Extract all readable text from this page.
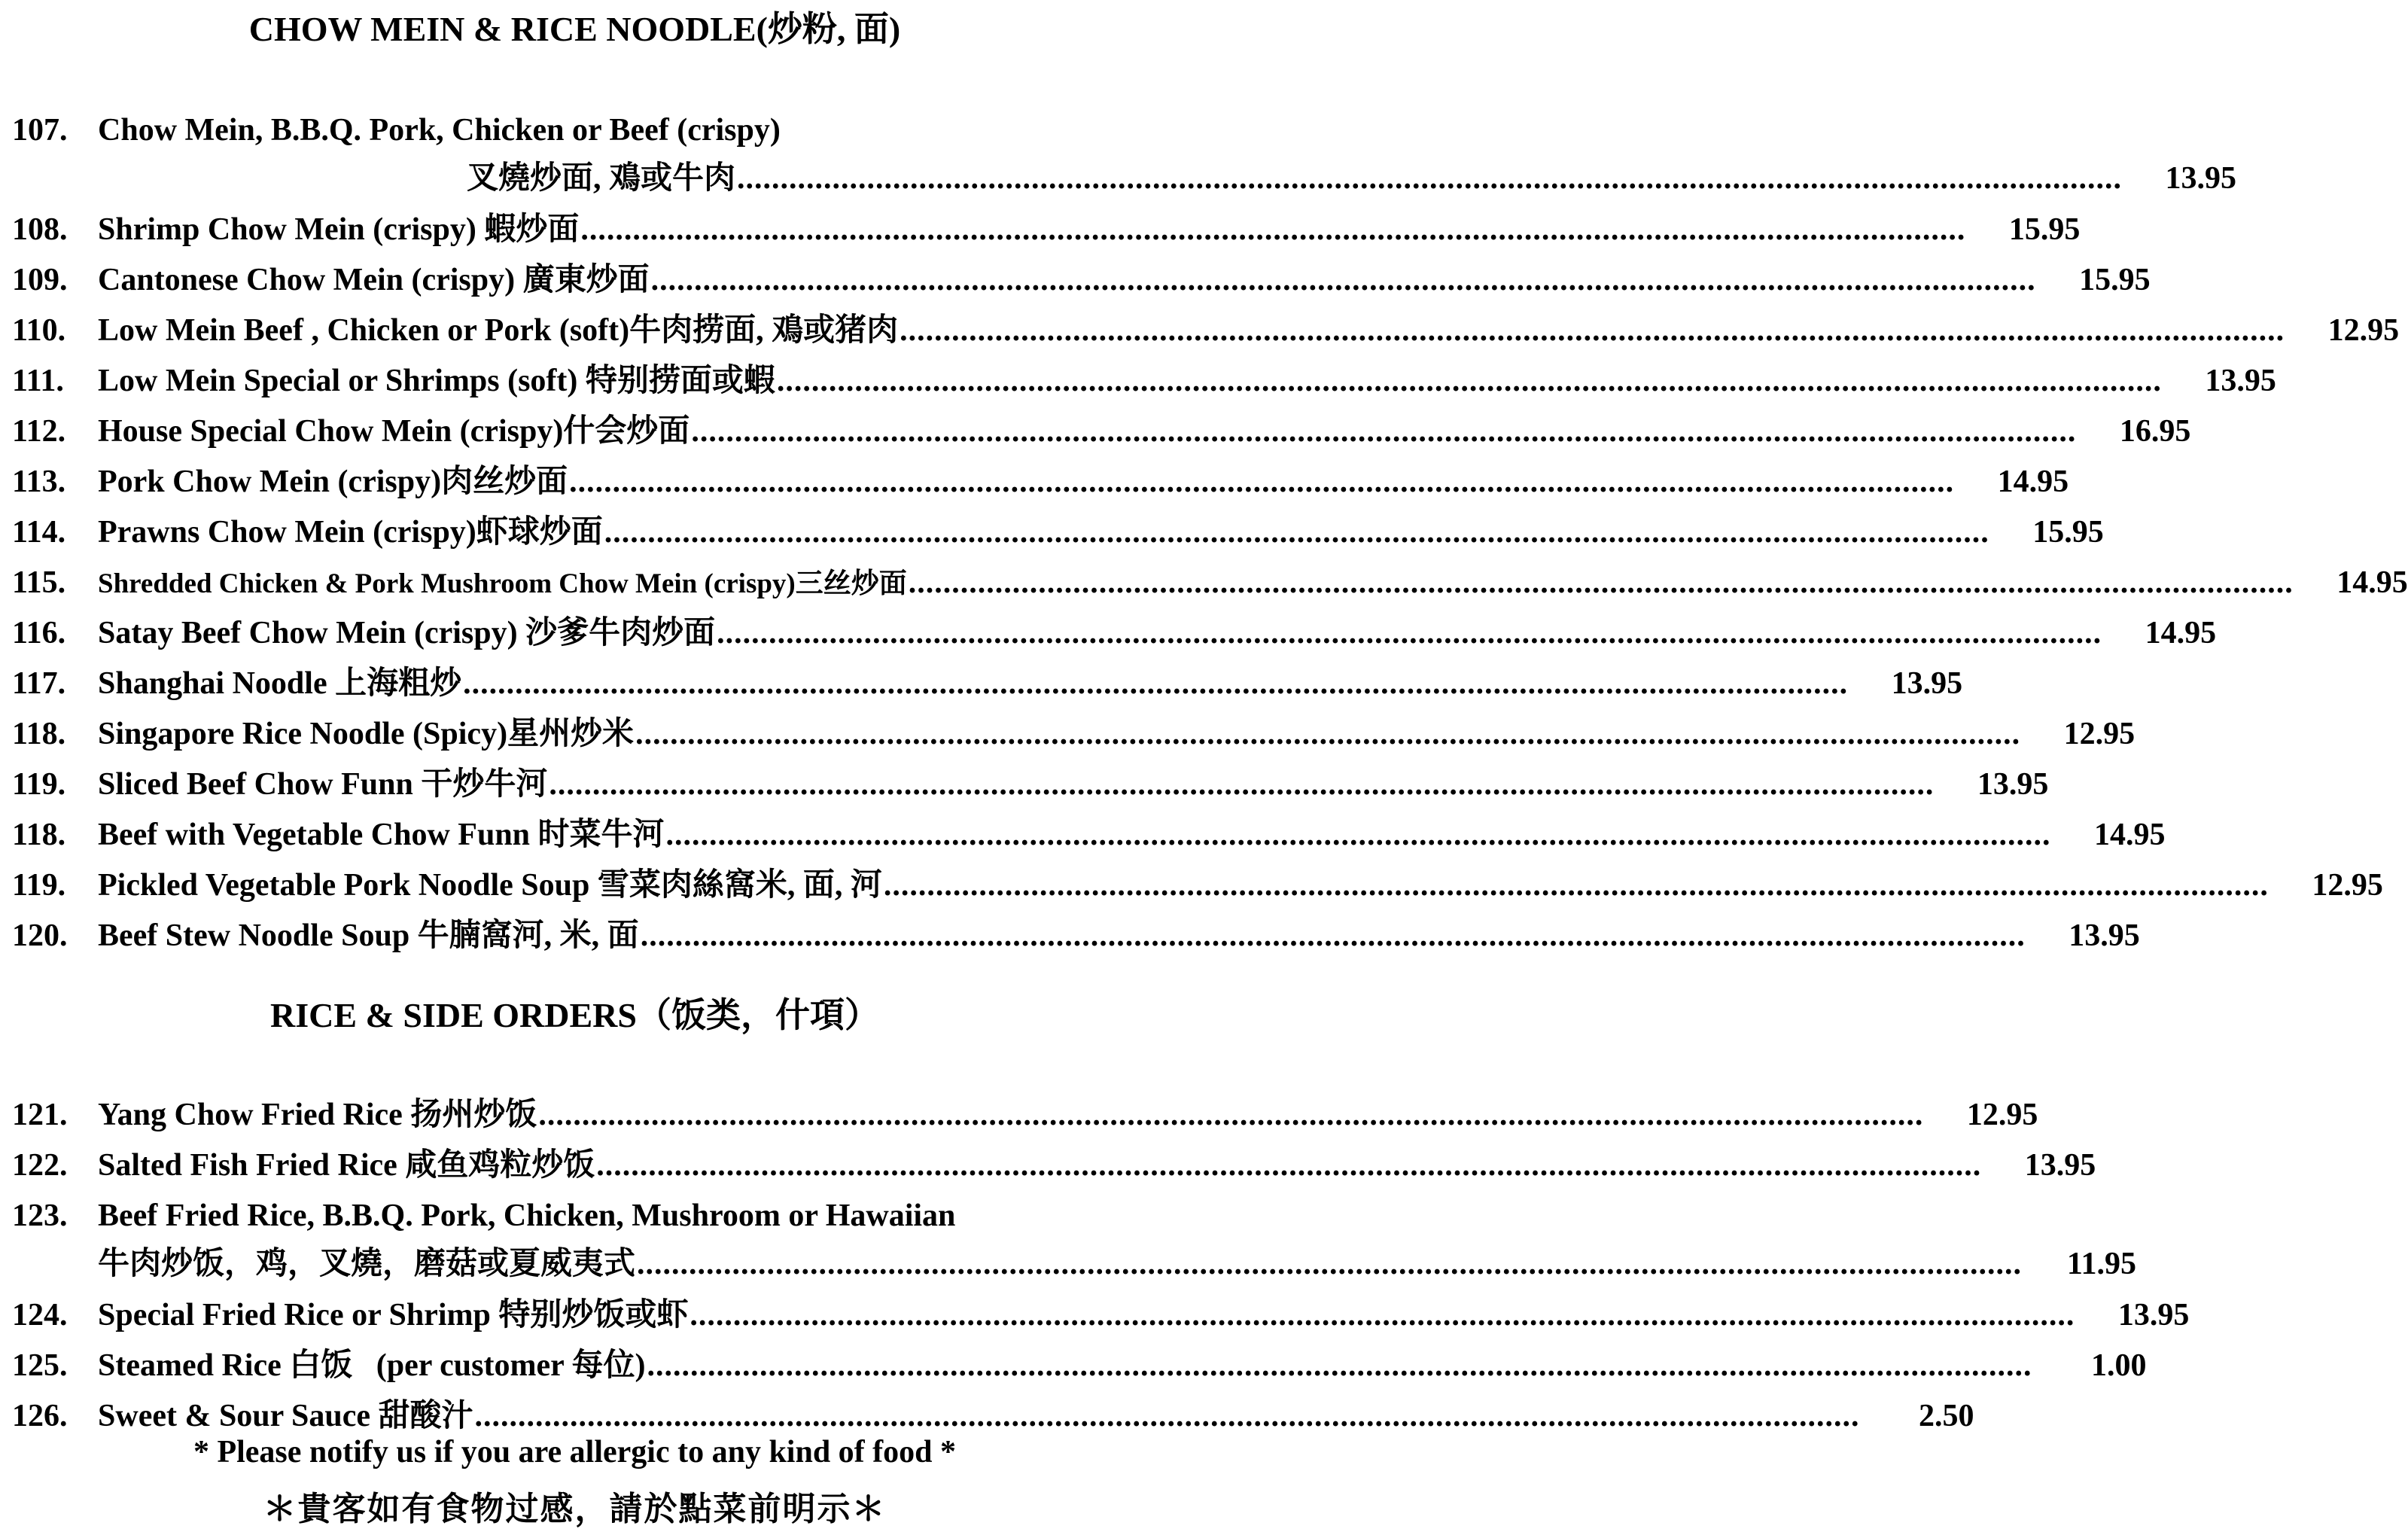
CHOW MEIN & RICE NOODLE(炒粉, 面)
107. Chow Mein, B.B.Q. Pork, Chicken or Beef (crispy)
叉燒炒面, 鳮或牛肉 ................................................................................................................................................................	13.95
108. Shrimp Chow Mein (crispy) 蝦炒面 ................................................................................................................................................................	15.95
109. Cantonese Chow Mein (crispy) 廣東炒面 ................................................................................................................................................................	15.95
110. Low Mein Beef , Chicken or Pork (soft)牛肉捞面, 鳮或猪肉 ................................................................................................................................................................	12.95
111. Low Mein Special or Shrimps (soft) 特别捞面或蝦 ................................................................................................................................................................	13.95
112. House Special Chow Mein (crispy)什会炒面 ................................................................................................................................................................	16.95
113. Pork Chow Mein (crispy)肉丝炒面 ................................................................................................................................................................	14.95
114. Prawns Chow Mein (crispy)虾球炒面 ................................................................................................................................................................	15.95
115. Shredded Chicken & Pork Mushroom Chow Mein (crispy)三丝炒面 ................................................................................................................................................................	14.95
116. Satay Beef Chow Mein (crispy) 沙爹牛肉炒面 ................................................................................................................................................................	14.95
117. Shanghai Noodle 上海粗炒 ................................................................................................................................................................	13.95
118. Singapore Rice Noodle (Spicy)星州炒米 ................................................................................................................................................................	12.95
119. Sliced Beef Chow Funn 干炒牛河 ................................................................................................................................................................	13.95
118. Beef with Vegetable Chow Funn 时菜牛河 ................................................................................................................................................................	14.95
119. Pickled Vegetable Pork Noodle Soup 雪菜肉絲窩米, 面, 河 ................................................................................................................................................................	12.95
120. Beef Stew Noodle Soup 牛腩窩河, 米, 面 ................................................................................................................................................................	13.95
RICE & SIDE ORDERS（饭类，什項）
121. Yang Chow Fried Rice 扬州炒饭 ................................................................................................................................................................	12.95
122. Salted Fish Fried Rice 咸鱼鸡粒炒饭 ................................................................................................................................................................	13.95
123. Beef Fried Rice, B.B.Q. Pork, Chicken, Mushroom or Hawaiian
牛肉炒饭，鸡，叉燒，磨菇或夏威夷式 ................................................................................................................................................................	11.95
124. Special Fried Rice or Shrimp 特别炒饭或虾 ................................................................................................................................................................	13.95
125. Steamed Rice 白饭   (per customer 每位) ................................................................................................................................................................	1.00
126. Sweet & Sour Sauce 甜酸汁 ................................................................................................................................................................	2.50
* Please notify us if you are allergic to any kind of food *
＊貴客如有食物过感，請於點菜前明示＊
